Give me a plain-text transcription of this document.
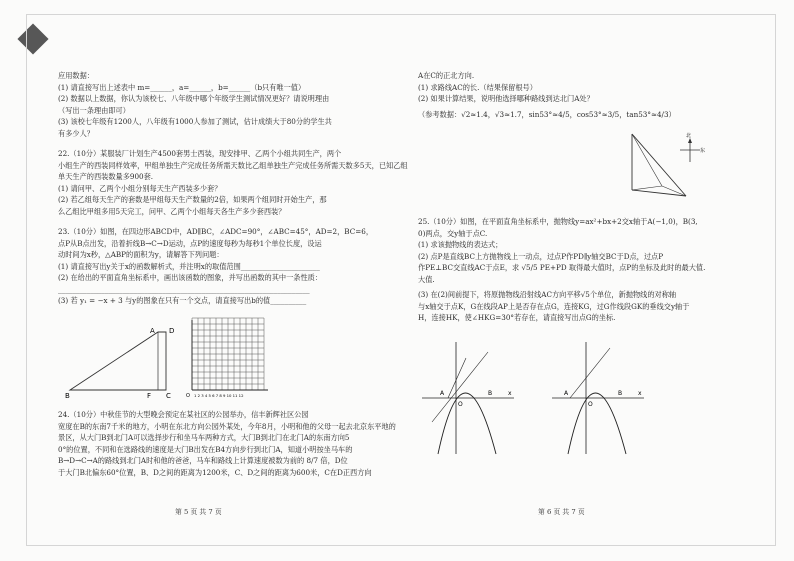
应用数据：
(1) 请直接写出上述表中 m=______，a=______，b=______（b只有唯一值）
(2) 数据以上数据，你认为该校七、八年级中哪个年级学生测试情况更好？请说明理由
（写出一条理由即可）
(3) 该校七年级有1200人，八年级有1000人参加了测试，估计成绩大于80分的学生共
有多少人？
22.（10分）某服装厂计划生产4500套男士西装，现安排甲、乙两个小组共同生产，两个
小组生产的西装同样效率，甲组单独生产完成任务所需天数比乙组单独生产完成任务所需天数多5天，已知乙组
单天生产的西装数量多900套.
(1) 请问甲、乙两个小组分别每天生产西装多少套？
(2) 若乙组每天生产的套数是甲组每天生产数量的2倍，如果两个组同时开始生产，那
么乙组比甲组多用5天完工，问甲、乙两个小组每天各生产多少套西装？
23.（10分）如图，在四边形ABCD中，AD∥BC，∠ADC=90°，∠ABC=45°，AD=2，BC=6，
点P从B点出发，沿着折线B→C→D运动，点P的速度每秒为每秒1个单位长度，设运
动时间为x秒，△ABP的面积为y，请解答下列问题：
(1) 请直接写出y关于x的函数解析式，并注明x的取值范围______________________
(2) 在给出的平面直角坐标系中，画出该函数的图象，并写出函数的其中一条性质：
______________________________________________________________________
(3) 若 y₁ = −x + 3 与y的图象在只有一个交点，请直接写出b的值__________
A D
B	F C	O 1 2 3 4 5 6 7 8 9 10 11 12
24.（10分）中秋佳节的大型晚会预定在某社区的公园举办，信丰新辉社区公园
宽度在B的东南7千米的地方，小明在东北方向公园外某处，今年8月，小明和他的父母一起去北京东平地的
景区，从大门B到北门A可以选择步行和坐马车两种方式，大门B到北门在北门A的东南方向5
0°的位置，不同和在选路线的速度是大门B出发在B4方向步行到北门A，知道小明按坐马车的
B→D→C→A的路线到北门A时和他的爸爸，马车和路线上计算速度被数为前的 8/7 倍，D位
于大门B北偏东60°位置，B、D之间的距离为1200米，C、D之间的距离为600米，C在D正西方向
第 5 页 共 7 页
A在C的正北方向.
(1) 求路线AC的长.（结果保留根号）
(2) 如果计算结果，说明他选择哪种路线到达北门A处？
（参考数据：√2≈1.4，√3≈1.7，sin53°≈4/5，cos53°≈3/5，tan53°≈4/3）
北
东
25.（10分）如图，在平面直角坐标系中，抛物线y=ax²+bx+2交x轴于A(−1,0)，B(3,
0)两点，交y轴于点C.
(1) 求该抛物线的表达式；
(2) 点P是直线BC上方抛物线上一动点，过点P作PD∥y轴交BC于D点，过点P
作PE⊥BC交直线AC于点E，求 √5/5 PE+PD 取得最大值时，点P的坐标及此时的最大值.
大值.
(3) 在(2)间前提下，将原抛物线沿射线AC方向平移√5个单位，新抛物线的对称轴
与x轴交于点K，G在线段AP上是否存在点G，连接KG，过G作线段GK的垂线交y轴于
H，连接HK，使∠HKG=30°若存在，请直接写出点G的坐标.
A
O
B	x	A
O
B	x
第 6 页 共 7 页
